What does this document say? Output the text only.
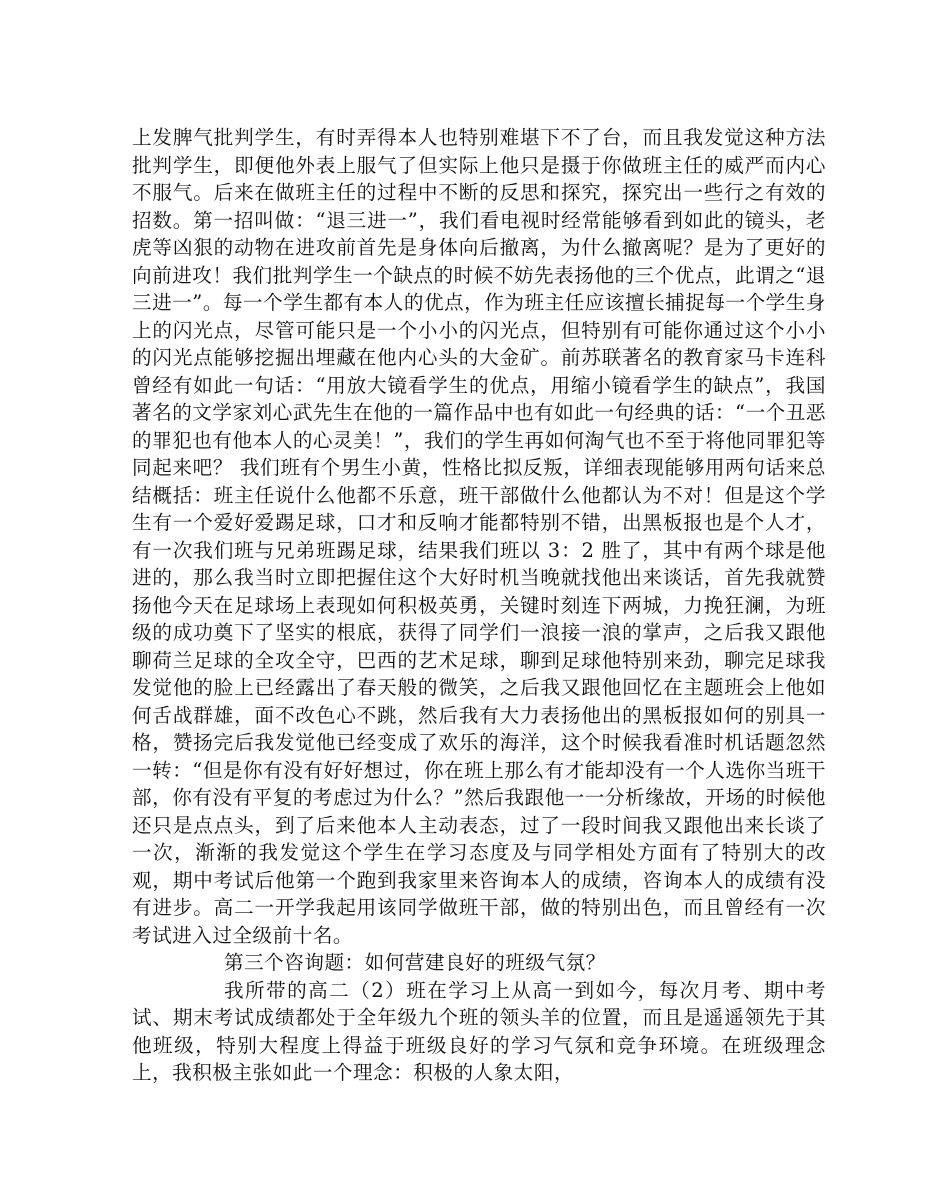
上发脾气批判学生，有时弄得本人也特别难堪下不了台，而且我发觉这种方法批判学生，即便他外表上服气了但实际上他只是摄于你做班主任的威严而内心不服气。后来在做班主任的过程中不断的反思和探究，探究出一些行之有效的招数。第一招叫做：“退三进一”，我们看电视时经常能够看到如此的镜头，老虎等凶狠的动物在进攻前首先是身体向后撤离，为什么撤离呢？是为了更好的向前进攻！我们批判学生一个缺点的时候不妨先表扬他的三个优点，此谓之“退三进一”。每一个学生都有本人的优点，作为班主任应该擅长捕捉每一个学生身上的闪光点，尽管可能只是一个小小的闪光点，但特别有可能你通过这个小小的闪光点能够挖掘出埋藏在他内心头的大金矿。前苏联著名的教育家马卡连科曾经有如此一句话：“用放大镜看学生的优点，用缩小镜看学生的缺点”，我国著名的文学家刘心武先生在他的一篇作品中也有如此一句经典的话：“一个丑恶的罪犯也有他本人的心灵美！”，我们的学生再如何淘气也不至于将他同罪犯等同起来吧？ 我们班有个男生小黄，性格比拟反叛，详细表现能够用两句话来总结概括：班主任说什么他都不乐意，班干部做什么他都认为不对！但是这个学生有一个爱好爱踢足球，口才和反响才能都特别不错，出黑板报也是个人才，有一次我们班与兄弟班踢足球，结果我们班以 3：2 胜了，其中有两个球是他进的，那么我当时立即把握住这个大好时机当晚就找他出来谈话，首先我就赞扬他今天在足球场上表现如何积极英勇，关键时刻连下两城，力挽狂澜，为班级的成功奠下了坚实的根底，获得了同学们一浪接一浪的掌声，之后我又跟他聊荷兰足球的全攻全守，巴西的艺术足球，聊到足球他特别来劲，聊完足球我发觉他的脸上已经露出了春天般的微笑，之后我又跟他回忆在主题班会上他如何舌战群雄，面不改色心不跳，然后我有大力表扬他出的黑板报如何的别具一格，赞扬完后我发觉他已经变成了欢乐的海洋，这个时候我看准时机话题忽然一转：“但是你有没有好好想过，你在班上那么有才能却没有一个人选你当班干部，你有没有平复的考虑过为什么？”然后我跟他一一分析缘故，开场的时候他还只是点点头，到了后来他本人主动表态，过了一段时间我又跟他出来长谈了一次，渐渐的我发觉这个学生在学习态度及与同学相处方面有了特别大的改观，期中考试后他第一个跑到我家里来咨询本人的成绩，咨询本人的成绩有没有进步。高二一开学我起用该同学做班干部，做的特别出色，而且曾经有一次考试进入过全级前十名。

第三个咨询题：如何营建良好的班级气氛？

我所带的高二（2）班在学习上从高一到如今，每次月考、期中考试、期末考试成绩都处于全年级九个班的领头羊的位置，而且是遥遥领先于其他班级，特别大程度上得益于班级良好的学习气氛和竞争环境。在班级理念上，我积极主张如此一个理念：积极的人象太阳，
